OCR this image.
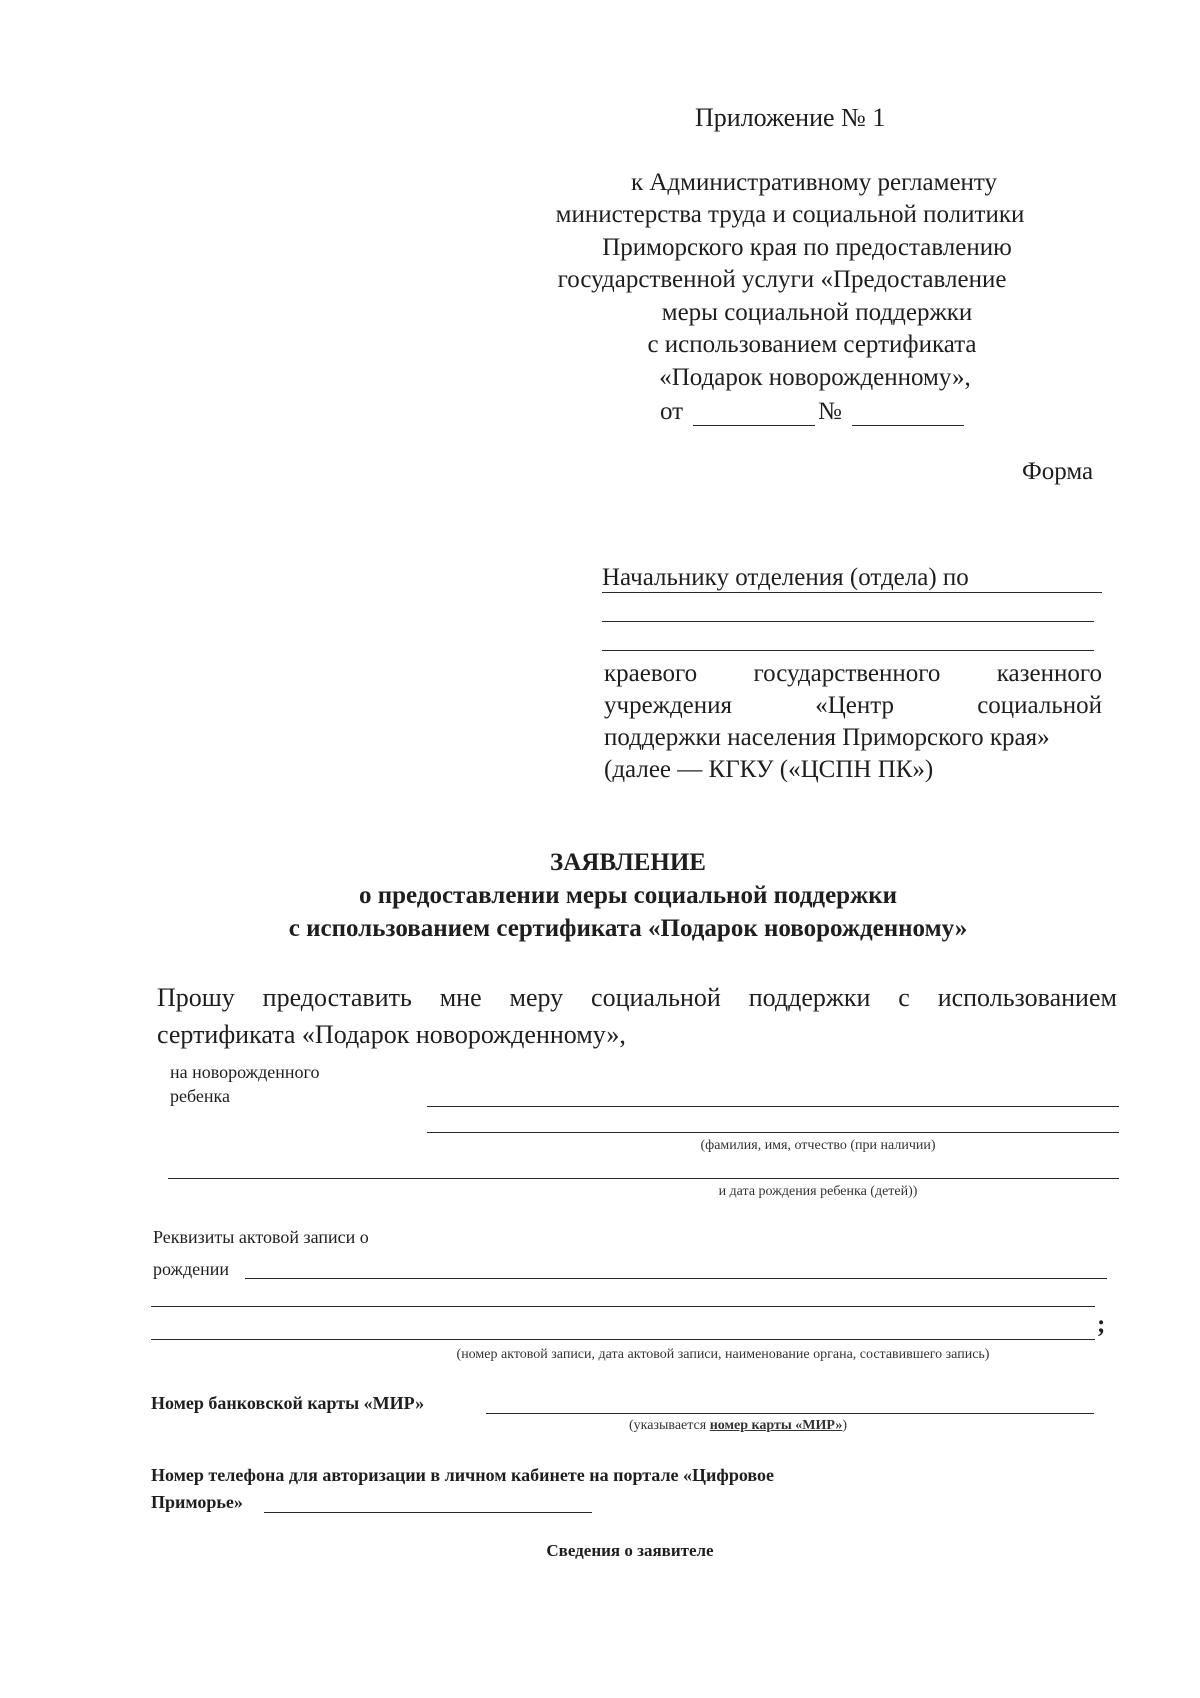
Приложение № 1
к Административному регламенту
министерства труда и социальной политики
Приморского края по предоставлению
государственной услуги «Предоставление
меры социальной поддержки
с использованием сертификата
«Подарок новорожденному»,
от	№
Форма
Начальнику отделения (отдела) по
краевого государственного казенного
учреждения	«Центр	социальной
поддержки населения Приморского края»
(далее — КГКУ («ЦСПН ПК»)
ЗАЯВЛЕНИЕ
о предоставлении меры социальной поддержки
с использованием сертификата «Подарок новорожденному»
Прошу предоставить мне меру социальной поддержки с использованием
сертификата «Подарок новорожденному»,
на новорожденного
ребенка
(фамилия, имя, отчество (при наличии)
и дата рождения ребенка (детей))
Реквизиты актовой записи о
рождении
;
(номер актовой записи, дата актовой записи, наименование органа, составившего запись)
Номер банковской карты «МИР»
(указывается номер карты «МИР»)
Номер телефона для авторизации в личном кабинете на портале «Цифровое
Приморье»
Сведения о заявителе
